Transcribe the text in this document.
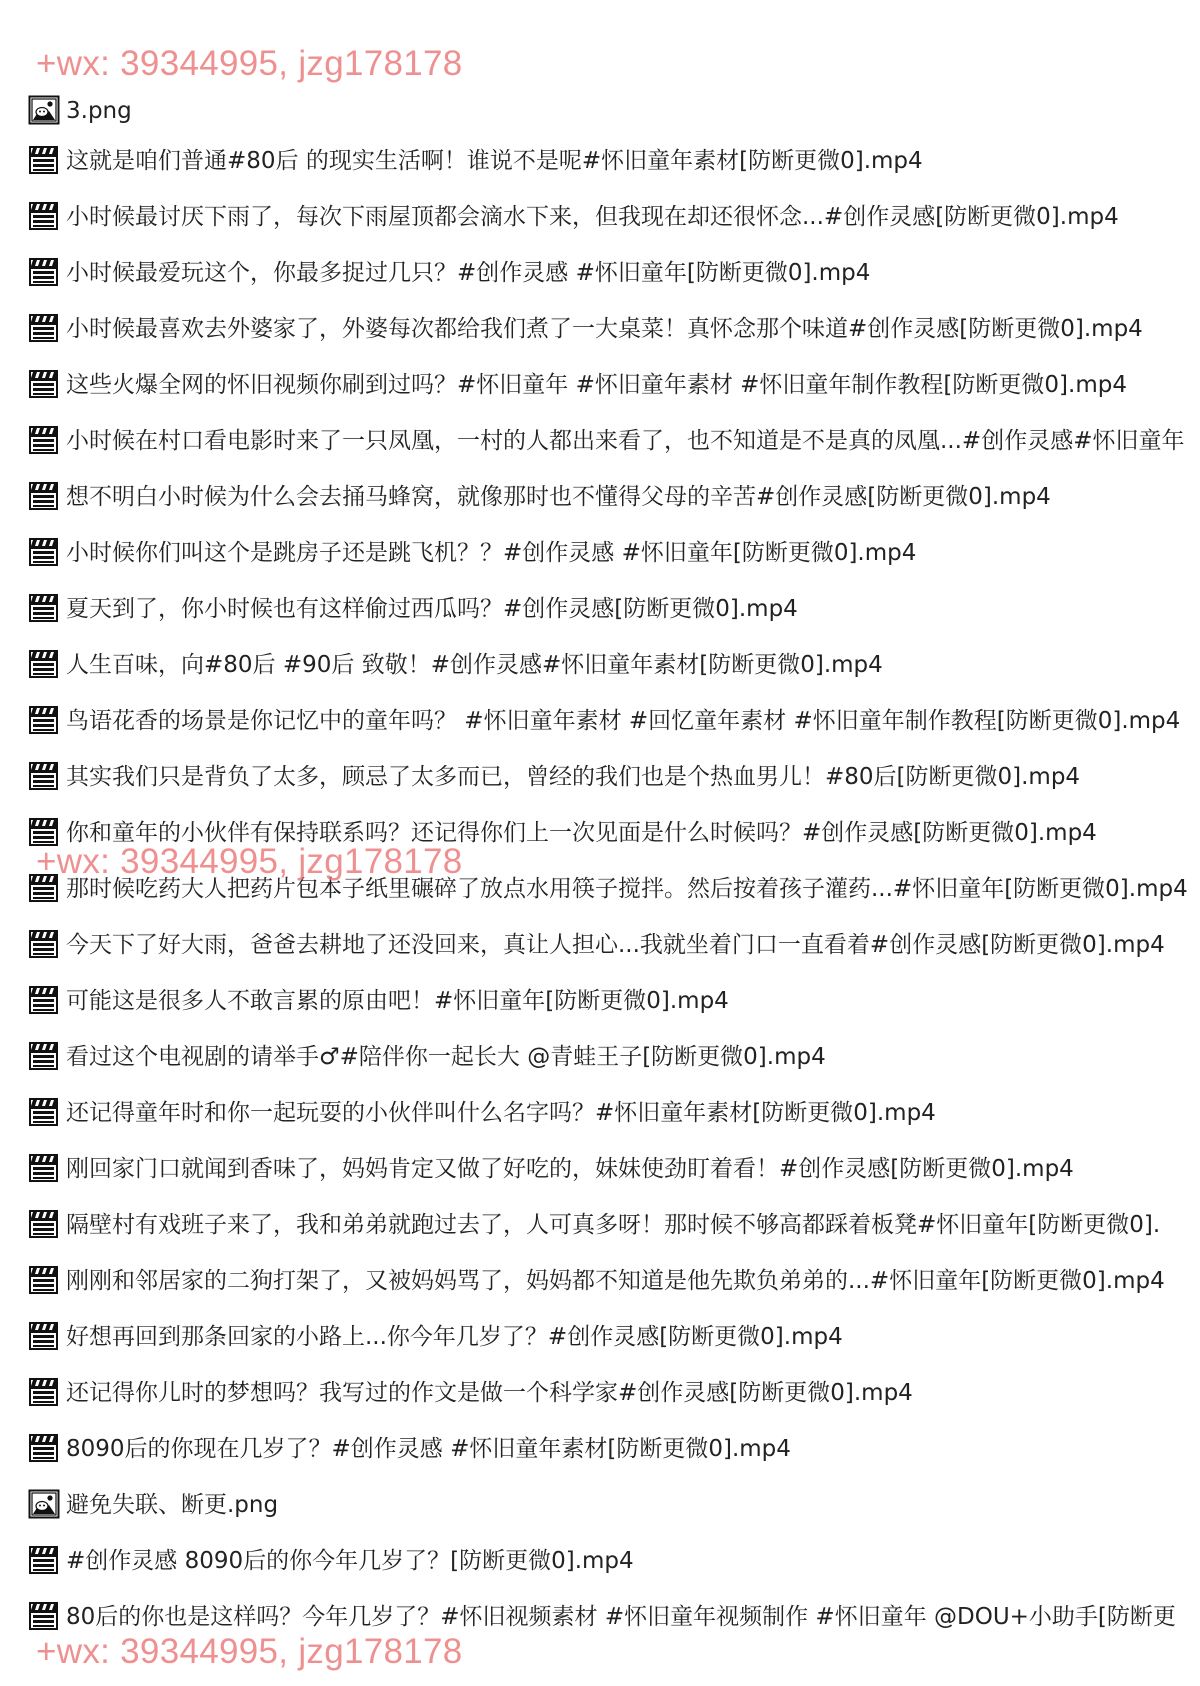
+wx: 39344995, jzg178178
+wx: 39344995, jzg178178
+wx: 39344995, jzg178178
3.png
这就是咱们普通#80后 的现实生活啊！谁说不是呢#怀旧童年素材[防断更微0].mp4
小时候最讨厌下雨了，每次下雨屋顶都会滴水下来，但我现在却还很怀念...#创作灵感[防断更微0].mp4
小时候最爱玩这个，你最多捉过几只？#创作灵感 #怀旧童年[防断更微0].mp4
小时候最喜欢去外婆家了，外婆每次都给我们煮了一大桌菜！真怀念那个味道#创作灵感[防断更微0].mp4
这些火爆全网的怀旧视频你刷到过吗？#怀旧童年 #怀旧童年素材 #怀旧童年制作教程[防断更微0].mp4
小时候在村口看电影时来了一只凤凰，一村的人都出来看了，也不知道是不是真的凤凰...#创作灵感#怀旧童年
想不明白小时候为什么会去捅马蜂窝，就像那时也不懂得父母的辛苦#创作灵感[防断更微0].mp4
小时候你们叫这个是跳房子还是跳飞机？？#创作灵感 #怀旧童年[防断更微0].mp4
夏天到了，你小时候也有这样偷过西瓜吗？#创作灵感[防断更微0].mp4
人生百味，向#80后 #90后 致敬！#创作灵感#怀旧童年素材[防断更微0].mp4
鸟语花香的场景是你记忆中的童年吗？ #怀旧童年素材 #回忆童年素材 #怀旧童年制作教程[防断更微0].mp4
其实我们只是背负了太多，顾忌了太多而已，曾经的我们也是个热血男儿！#80后[防断更微0].mp4
你和童年的小伙伴有保持联系吗？还记得你们上一次见面是什么时候吗？#创作灵感[防断更微0].mp4
那时候吃药大人把药片包本子纸里碾碎了放点水用筷子搅拌。然后按着孩子灌药...#怀旧童年[防断更微0].mp4
今天下了好大雨，爸爸去耕地了还没回来，真让人担心...我就坐着门口一直看着#创作灵感[防断更微0].mp4
可能这是很多人不敢言累的原由吧！#怀旧童年[防断更微0].mp4
看过这个电视剧的请举手♂#陪伴你一起长大 @青蛙王子[防断更微0].mp4
还记得童年时和你一起玩耍的小伙伴叫什么名字吗？#怀旧童年素材[防断更微0].mp4
刚回家门口就闻到香味了，妈妈肯定又做了好吃的，妹妹使劲盯着看！#创作灵感[防断更微0].mp4
隔壁村有戏班子来了，我和弟弟就跑过去了，人可真多呀！那时候不够高都踩着板凳#怀旧童年[防断更微0].
刚刚和邻居家的二狗打架了，又被妈妈骂了，妈妈都不知道是他先欺负弟弟的...#怀旧童年[防断更微0].mp4
好想再回到那条回家的小路上...你今年几岁了？#创作灵感[防断更微0].mp4
还记得你儿时的梦想吗？我写过的作文是做一个科学家#创作灵感[防断更微0].mp4
8090后的你现在几岁了？#创作灵感 #怀旧童年素材[防断更微0].mp4
避免失联、断更.png
#创作灵感 8090后的你今年几岁了？[防断更微0].mp4
80后的你也是这样吗？今年几岁了？#怀旧视频素材 #怀旧童年视频制作 #怀旧童年 @DOU+小助手[防断更
